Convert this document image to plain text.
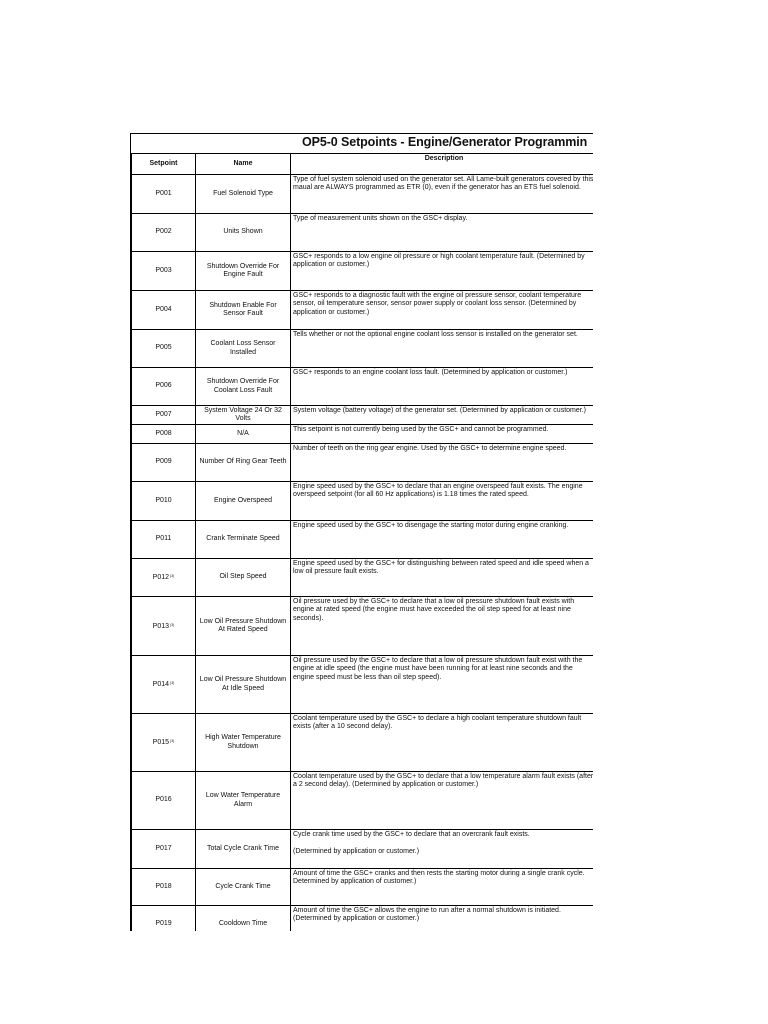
OP5-0 Setpoints - Engine/Generator Programmin
Setpoint	Name	Description
P001	Fuel Solenoid Type	Type of fuel system solenoid used on the generator set. All Lame-built generators covered by this maual are ALWAYS programmed as ETR (0), even if the generator has an ETS fuel solenoid.
P002	Units Shown	Type of measurement units shown on the GSC+ display.
P003	Shutdown Override For Engine Fault	GSC+ responds to a low engine oil pressure or high coolant temperature fault. (Determined by application or customer.)
P004	Shutdown Enable For Sensor Fault	GSC+ responds to a diagnostic fault with the engine oil pressure sensor, coolant temperature sensor, oil temperature sensor, sensor power supply or coolant loss sensor. (Determined by application or customer.)
P005	Coolant Loss Sensor Installed	Tells whether or not the optional engine coolant loss sensor is installed on the generator set.
P006	Shutdown Override For Coolant Loss Fault	GSC+ responds to an engine coolant loss fault. (Determined by application or customer.)
P007	System Voltage 24 Or 32 Volts	System voltage (battery voltage) of the generator set. (Determined by application or customer.)
P008	N/A	This setpoint is not currently being used by the GSC+ and cannot be programmed.
P009	Number Of Ring Gear Teeth	Number of teeth on the ring gear engine. Used by the GSC+ to determine engine speed.
P010	Engine Overspeed	Engine speed used by the GSC+ to declare that an engine overspeed fault exists. The engine overspeed setpoint (for all 60 Hz applications) is 1.18 times the rated speed.
P011	Crank Terminate Speed	Engine speed used by the GSC+ to disengage the starting motor during engine cranking.
P012$^{(3)}$	Oil Step Speed	Engine speed used by the GSC+ for distinguishing between rated speed and idle speed when a low oil pressure fault exists.
P013$^{(3)}$	Low Oil Pressure Shutdown At Rated Speed	Oil pressure used by the GSC+ to declare that a low oil pressure shutdown fault exists with engine at rated speed (the engine must have exceeded the oil step speed for at least nine seconds).
P014$^{(3)}$	Low Oil Pressure Shutdown At Idle Speed	Oil pressure used by the GSC+ to declare that a low oil pressure shutdown fault exist with the engine at idle speed (the engine must have been running for at least nine seconds and the engine speed must be less than oil step speed).
P015$^{(3)}$	High Water Temperature Shutdown	Coolant temperature used by the GSC+ to declare a high coolant temperature shutdown fault exists (after a 10 second delay).
P016	Low Water Temperature Alarm	Coolant temperature used by the GSC+ to declare that a low temperature alarm fault exists (after a 2 second delay). (Determined by application or customer.)
P017	Total Cycle Crank Time	Cycle crank time used by the GSC+ to declare that an overcrank fault exists.
(Determined by application or customer.)
P018	Cycle Crank Time	Amount of time the GSC+ cranks and then rests the starting motor during a single crank cycle. Determined by application of customer.)
P019	Cooldown Time	Amount of time the GSC+ allows the engine to run after a normal shutdown is initiated. (Determined by application or customer.)
